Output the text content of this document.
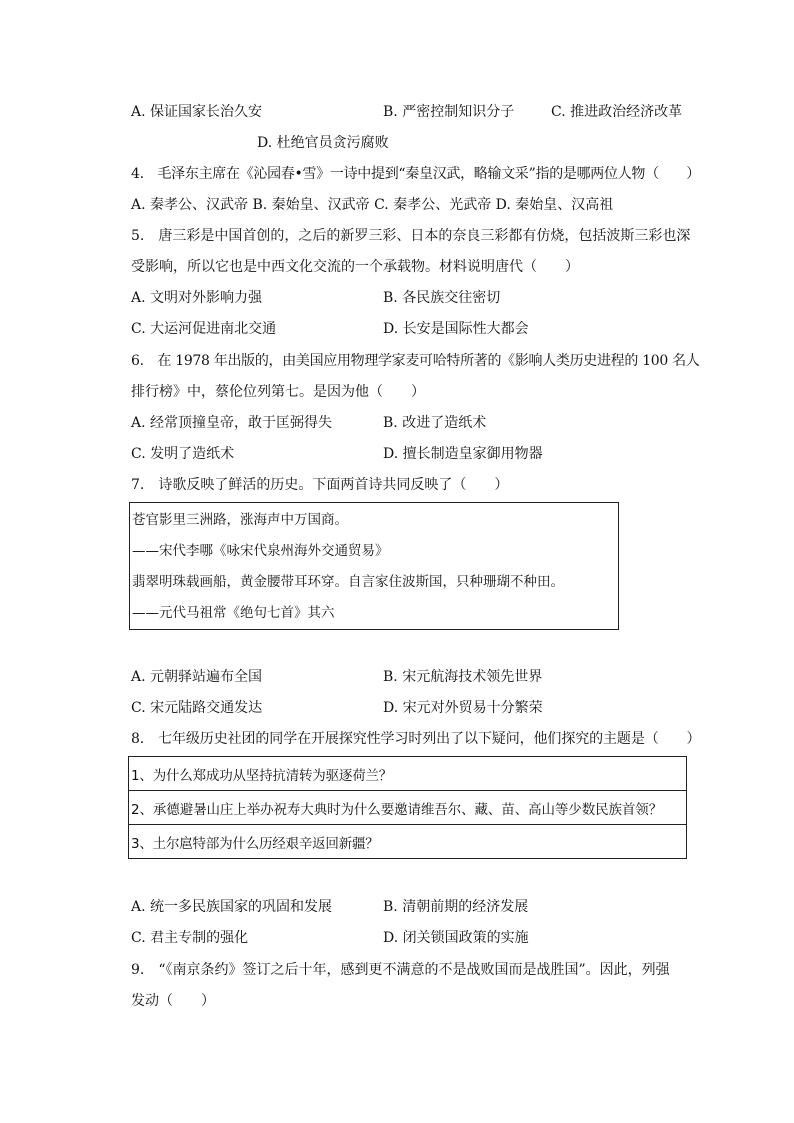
A. 保证国家长治久安	B. 严密控制知识分子	C. 推进政治经济改革
D. 杜绝官员贪污腐败
4.　毛泽东主席在《沁园春•雪》一诗中提到“秦皇汉武，略输文采”指的是哪两位人物（　　）
A. 秦孝公、汉武帝 B. 秦始皇、汉武帝 C. 秦孝公、光武帝 D. 秦始皇、汉高祖
5.　唐三彩是中国首创的，之后的新罗三彩、日本的奈良三彩都有仿烧，包括波斯三彩也深
受影响，所以它也是中西文化交流的一个承载物。材料说明唐代（　　）
A. 文明对外影响力强	B. 各民族交往密切
C. 大运河促进南北交通	D. 长安是国际性大都会
6.　在 1978 年出版的，由美国应用物理学家麦可哈特所著的《影响人类历史进程的 100 名人
排行榜》中，蔡伦位列第七。是因为他（　　）
A. 经常顶撞皇帝，敢于匡弼得失	B. 改进了造纸术
C. 发明了造纸术	D. 擅长制造皇家御用物器
7.　诗歌反映了鲜活的历史。下面两首诗共同反映了（　　）
苍官影里三洲路，涨海声中万国商。
——宋代李哪《咏宋代泉州海外交通贸易》
翡翠明珠载画船，黄金腰带耳环穿。自言家住波斯国，只种珊瑚不种田。
——元代马祖常《绝句七首》其六
A. 元朝驿站遍布全国	B. 宋元航海技术领先世界
C. 宋元陆路交通发达	D. 宋元对外贸易十分繁荣
8.　七年级历史社团的同学在开展探究性学习时列出了以下疑问，他们探究的主题是（　　）
1、为什么郑成功从坚持抗清转为驱逐荷兰？
2、承德避暑山庄上举办祝寿大典时为什么要邀请维吾尔、藏、苗、高山等少数民族首领？
3、土尔扈特部为什么历经艰辛返回新疆？
A. 统一多民族国家的巩固和发展	B. 清朝前期的经济发展
C. 君主专制的强化	D. 闭关锁国政策的实施
9.　“《南京条约》签订之后十年，感到更不满意的不是战败国而是战胜国”。因此，列强
发动（　　）
